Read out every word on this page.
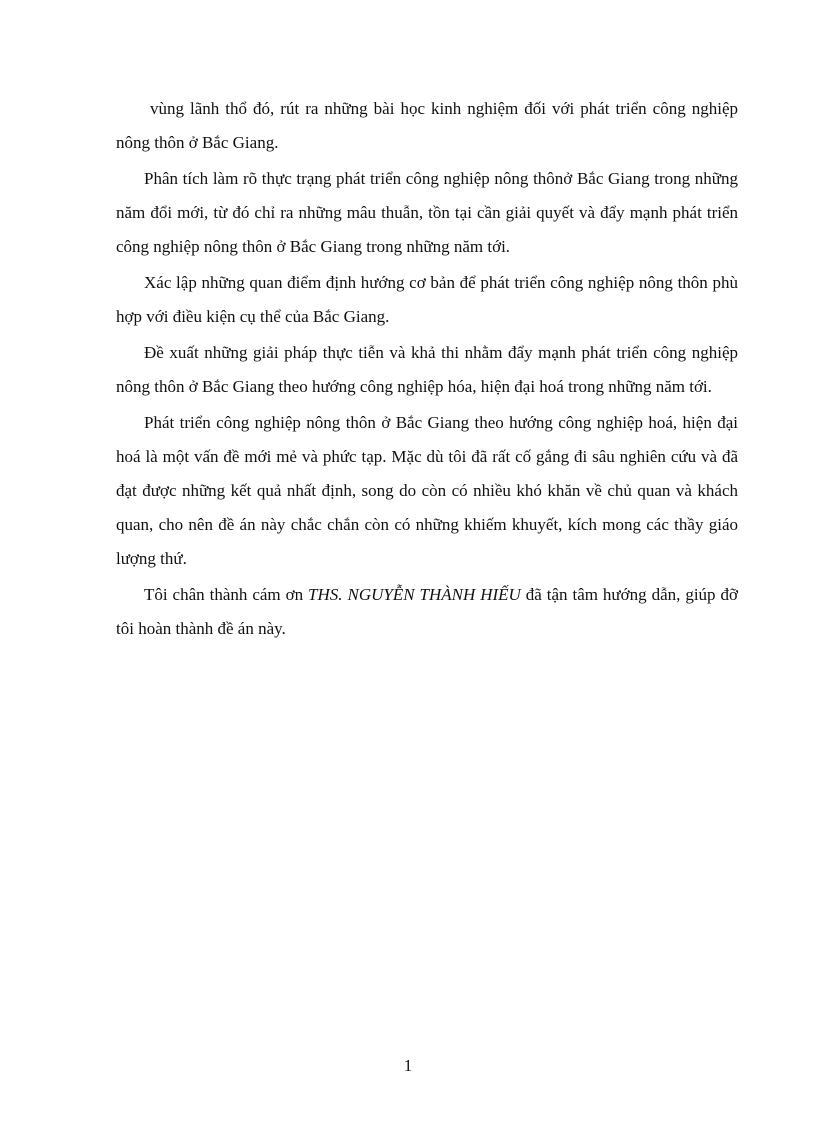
vùng lãnh thổ đó, rút ra những bài học kinh nghiệm đối với phát triển công nghiệp nông thôn ở Bắc Giang.

Phân tích làm rõ thực trạng phát triển công nghiệp nông thônở Bắc Giang trong những năm đổi mới, từ đó chỉ ra những mâu thuẫn, tồn tại cần giải quyết và đẩy mạnh phát triển công nghiệp nông thôn ở Bắc Giang trong những năm tới.

Xác lập những quan điểm định hướng cơ bản để phát triển công nghiệp nông thôn phù hợp với điều kiện cụ thể của Bắc Giang.

Đề xuất những giải pháp thực tiễn và khả thi nhằm đẩy mạnh phát triển công nghiệp nông thôn ở Bắc Giang theo hướng công nghiệp hóa, hiện đại hoá trong những năm tới.

Phát triển công nghiệp nông thôn ở Bắc Giang theo hướng công nghiệp hoá, hiện đại hoá là một vấn đề mới mẻ và phức tạp. Mặc dù tôi đã rất cố gắng đi sâu nghiên cứu và đã đạt được những kết quả nhất định, song do còn có nhiều khó khăn về chủ quan và khách quan, cho nên đề án này chắc chắn còn có những khiếm khuyết, kích mong các thầy giáo lượng thứ.

Tôi chân thành cám ơn THS. NGUYỄN THÀNH HIẾU đã tận tâm hướng dẫn, giúp đỡ tôi hoàn thành đề án này.

1
